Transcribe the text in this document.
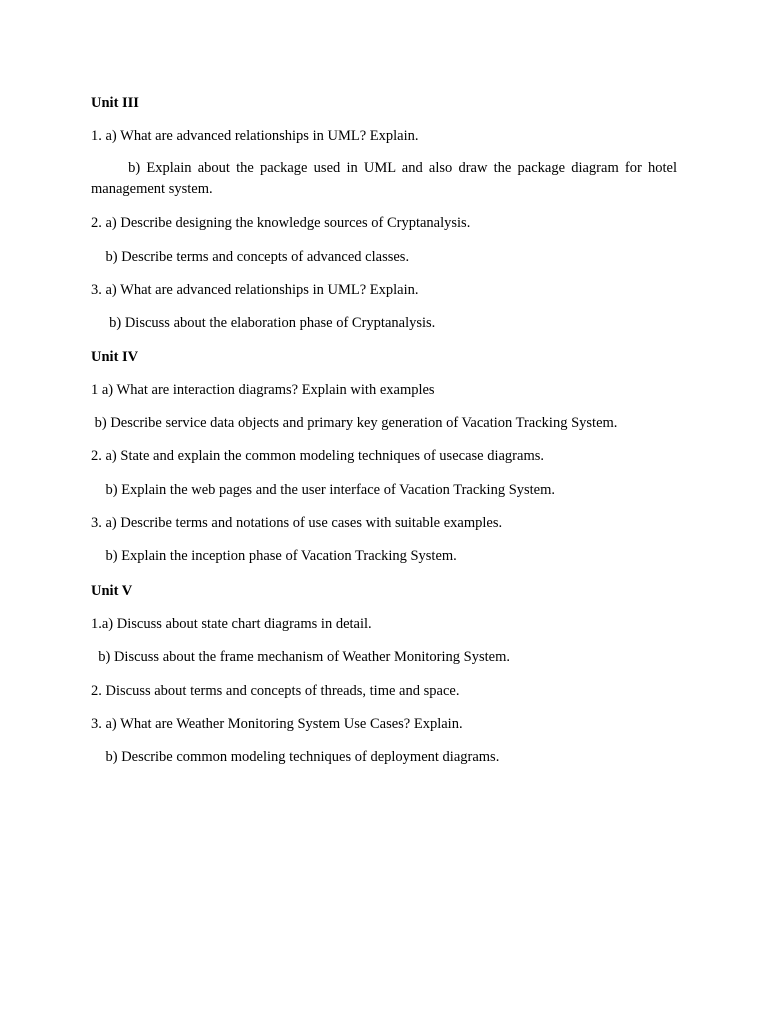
Unit III
1. a) What are advanced relationships in UML? Explain.
b) Explain about the package used in UML and also draw the package diagram for hotel
management system.
2. a) Describe designing the knowledge sources of Cryptanalysis.
b) Describe terms and concepts of advanced classes.
3. a) What are advanced relationships in UML? Explain.
b) Discuss about the elaboration phase of Cryptanalysis.
Unit IV
1 a) What are interaction diagrams? Explain with examples
b) Describe service data objects and primary key generation of Vacation Tracking System.
2. a) State and explain the common modeling techniques of usecase diagrams.
b) Explain the web pages and the user interface of Vacation Tracking System.
3. a) Describe terms and notations of use cases with suitable examples.
b) Explain the inception phase of Vacation Tracking System.
Unit V
1.a) Discuss about state chart diagrams in detail.
b) Discuss about the frame mechanism of Weather Monitoring System.
2. Discuss about terms and concepts of threads, time and space.
3. a) What are Weather Monitoring System Use Cases? Explain.
b) Describe common modeling techniques of deployment diagrams.
